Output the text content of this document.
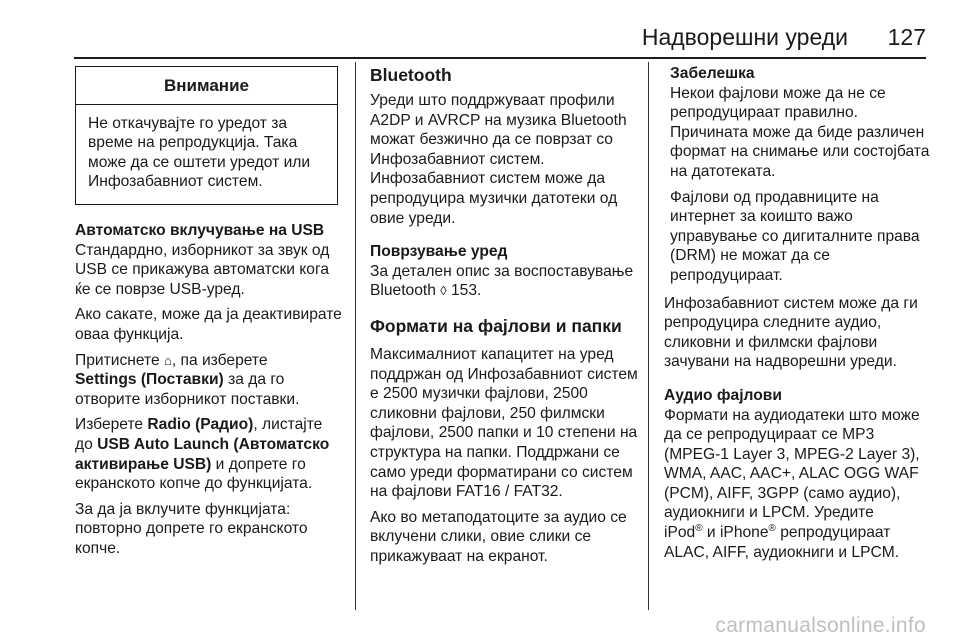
Надворешни уреди 127
Внимание
Не откачувајте го уредот за време на репродукција. Така може да се оштети уредот или Инфозабавниот систем.
Автоматско вклучување на USB
Стандардно, изборникот за звук од USB се прикажува автоматски кога ќе се поврзе USB-уред.
Ако сакате, може да ја деактивирате оваа функција.
Притиснете ⌂, па изберете
Settings (Поставки) за да го отворите изборникот поставки.
Изберете Radio (Радио), листајте до USB Auto Launch (Автоматско активирање USB) и допрете го екранското копче до функцијата.
За да ја вклучите функцијата: повторно допрете го екранското копче.
Bluetooth
Уреди што поддржуваат профили A2DP и AVRCP на музика Bluetooth можат безжично да се поврзат со Инфозабавниот систем. Инфозабавниот систем може да репродуцира музички датотеки од овие уреди.
Поврзување уред
За детален опис за воспоставување Bluetooth ◊ 153.
Формати на фајлови и папки
Максималниот капацитет на уред поддржан од Инфозабавниот систем е 2500 музички фајлови, 2500 сликовни фајлови, 250 филмски фајлови, 2500 папки и 10 степени на структура на папки. Поддржани се само уреди форматирани со систем на фајлови FAT16 / FAT32.
Ако во метаподатоците за аудио се вклучени слики, овие слики се прикажуваат на екранот.
Забелешка
Некои фајлови може да не се репродуцираат правилно. Причината може да биде различен формат на снимање или состојбата на датотеката.
Фајлови од продавниците на интернет за коишто важо управување со дигиталните права (DRM) не можат да се репродуцираат.
Инфозабавниот систем може да ги репродуцира следните аудио, сликовни и филмски фајлови зачувани на надворешни уреди.
Аудио фајлови
Формати на аудиодатеки што може да се репродуцираат се MP3 (MPEG-1 Layer 3, MPEG-2 Layer 3), WMA, AAC, AAC+, ALAC OGG WAF (PCM), AIFF, 3GPP (само аудио), аудиокниги и LPCM. Уредите
iPod® и iPhone® репродуцираат ALAC, AIFF, аудиокниги и LPCM.
carmanualsonline.info
